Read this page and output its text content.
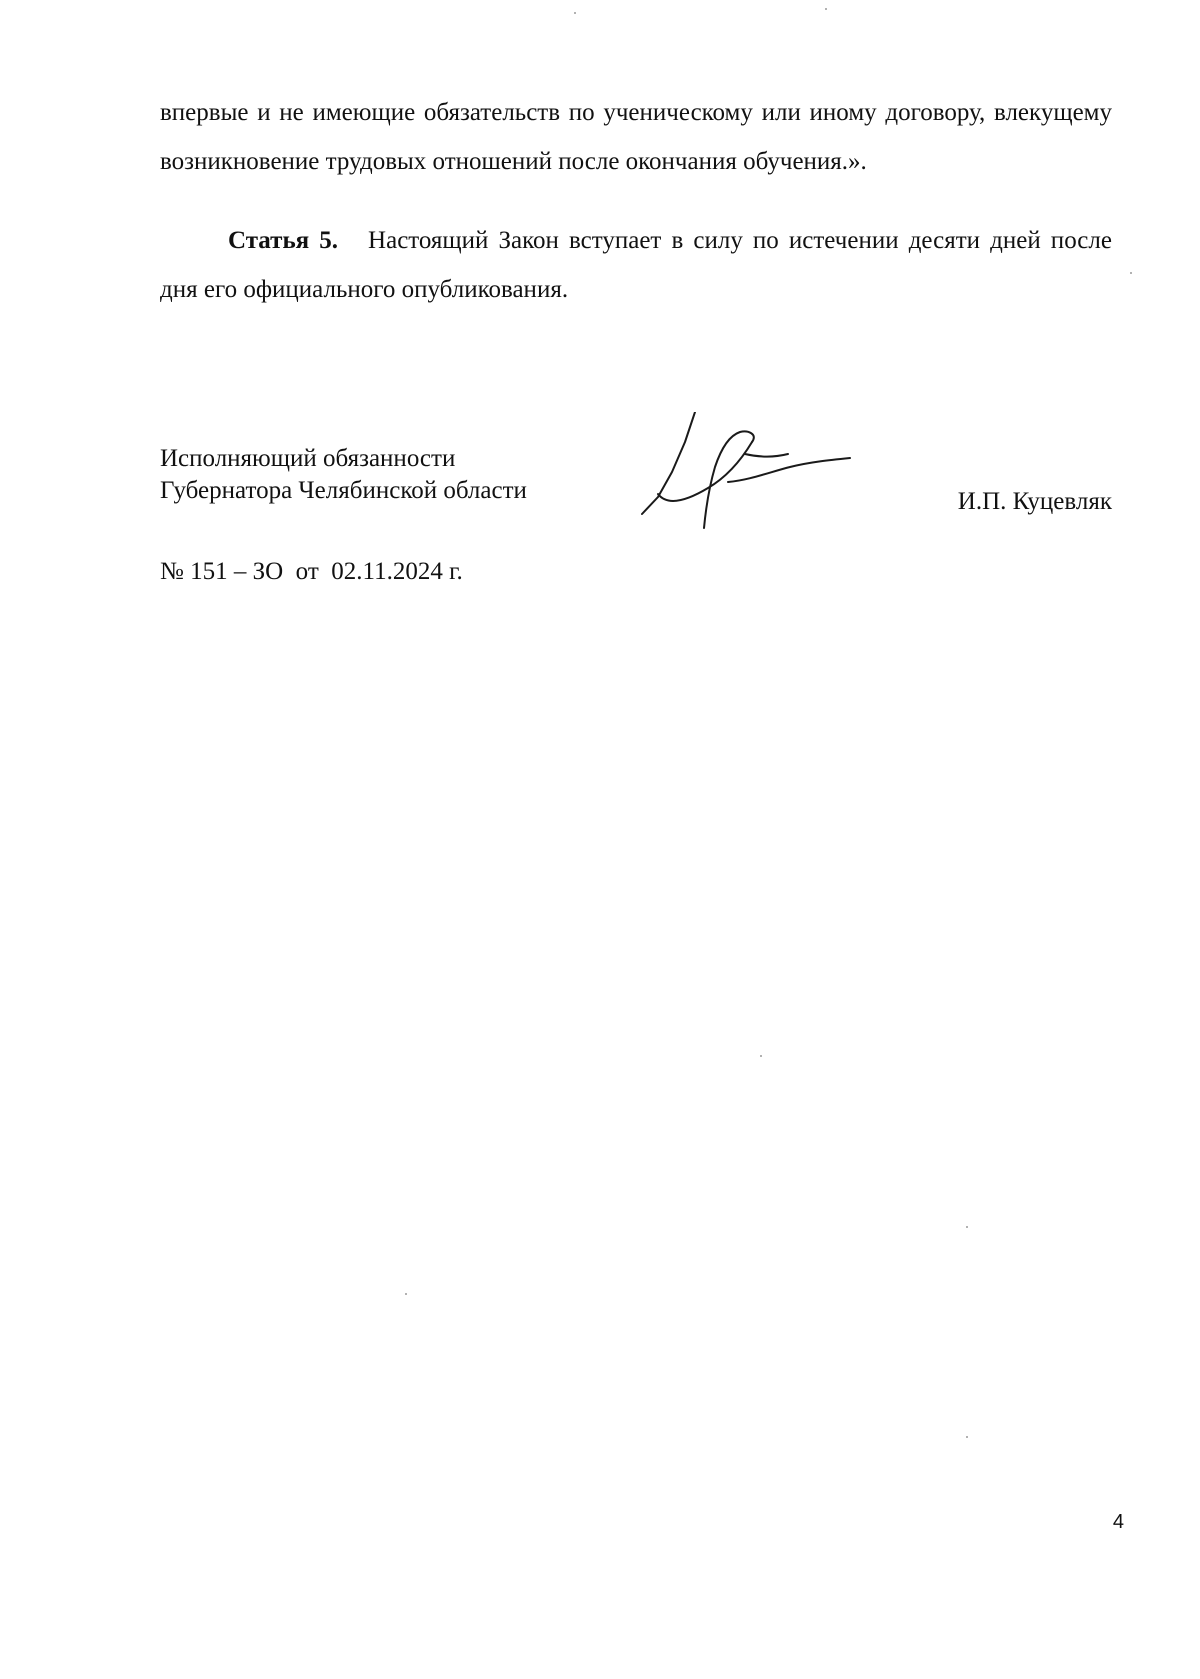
впервые и не имеющие обязательств по ученическому или иному договору, влекущему возникновение трудовых отношений после окончания обучения.».

Статья 5. Настоящий Закон вступает в силу по истечении десяти дней после дня его официального опубликования.

Исполняющий обязанности
Губернатора Челябинской области	И.П. Куцевляк
№ 151 – ЗО  от  02.11.2024 г.
4
